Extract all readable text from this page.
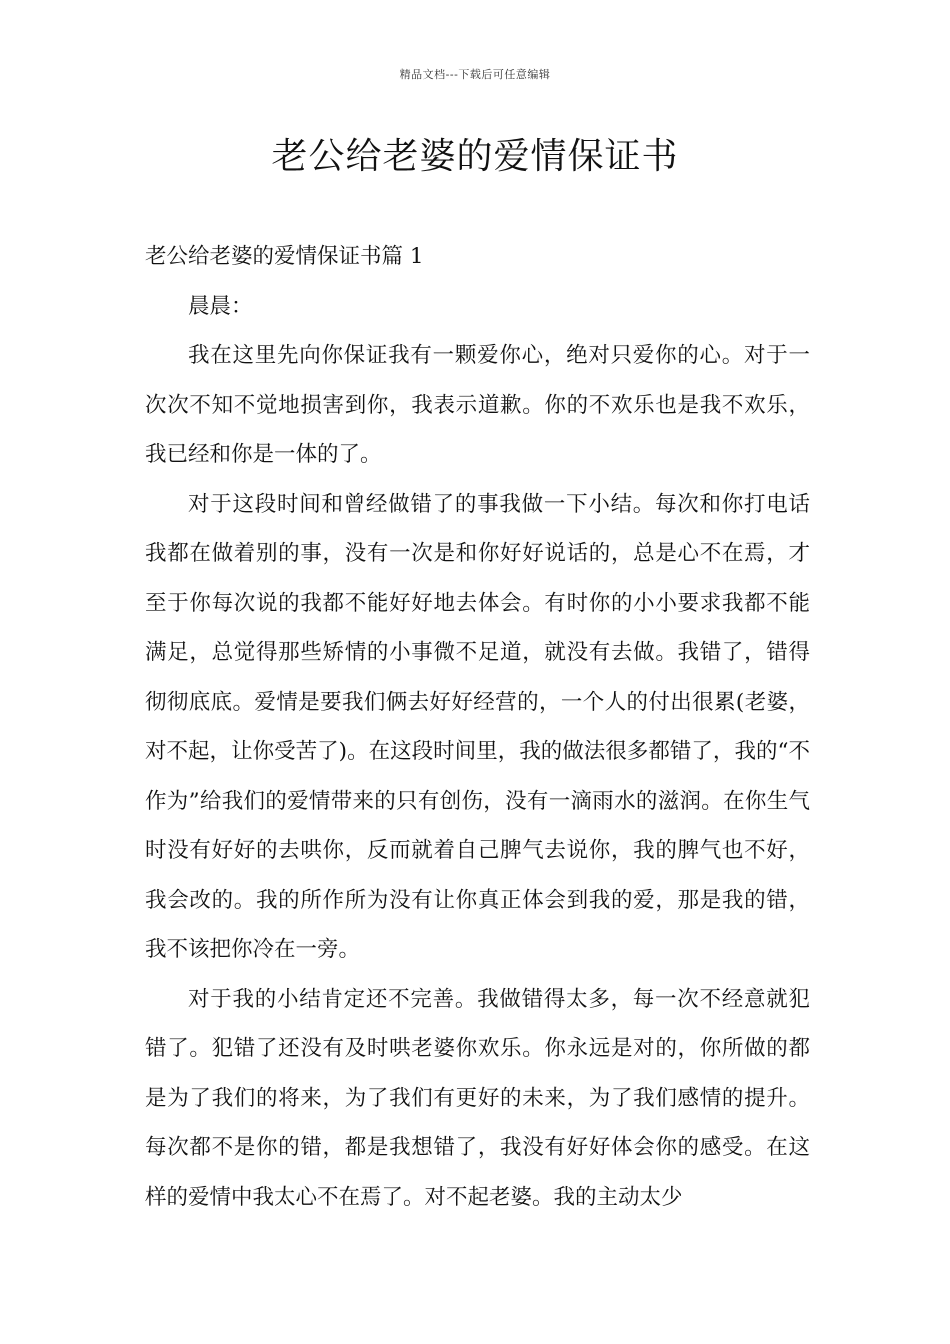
精品文档---下载后可任意编辑
老公给老婆的爱情保证书

老公给老婆的爱情保证书篇 1

晨晨：

我在这里先向你保证我有一颗爱你心，绝对只爱你的心。对于一次次不知不觉地损害到你，我表示道歉。你的不欢乐也是我不欢乐，我已经和你是一体的了。

对于这段时间和曾经做错了的事我做一下小结。每次和你打电话我都在做着别的事，没有一次是和你好好说话的，总是心不在焉，才至于你每次说的我都不能好好地去体会。有时你的小小要求我都不能满足，总觉得那些矫情的小事微不足道，就没有去做。我错了，错得彻彻底底。爱情是要我们俩去好好经营的，一个人的付出很累(老婆，对不起，让你受苦了)。在这段时间里，我的做法很多都错了，我的“不作为”给我们的爱情带来的只有创伤，没有一滴雨水的滋润。在你生气时没有好好的去哄你，反而就着自己脾气去说你，我的脾气也不好，我会改的。我的所作所为没有让你真正体会到我的爱，那是我的错，我不该把你冷在一旁。

对于我的小结肯定还不完善。我做错得太多，每一次不经意就犯错了。犯错了还没有及时哄老婆你欢乐。你永远是对的，你所做的都是为了我们的将来，为了我们有更好的未来，为了我们感情的提升。每次都不是你的错，都是我想错了，我没有好好体会你的感受。在这样的爱情中我太心不在焉了。对不起老婆。我的主动太少
